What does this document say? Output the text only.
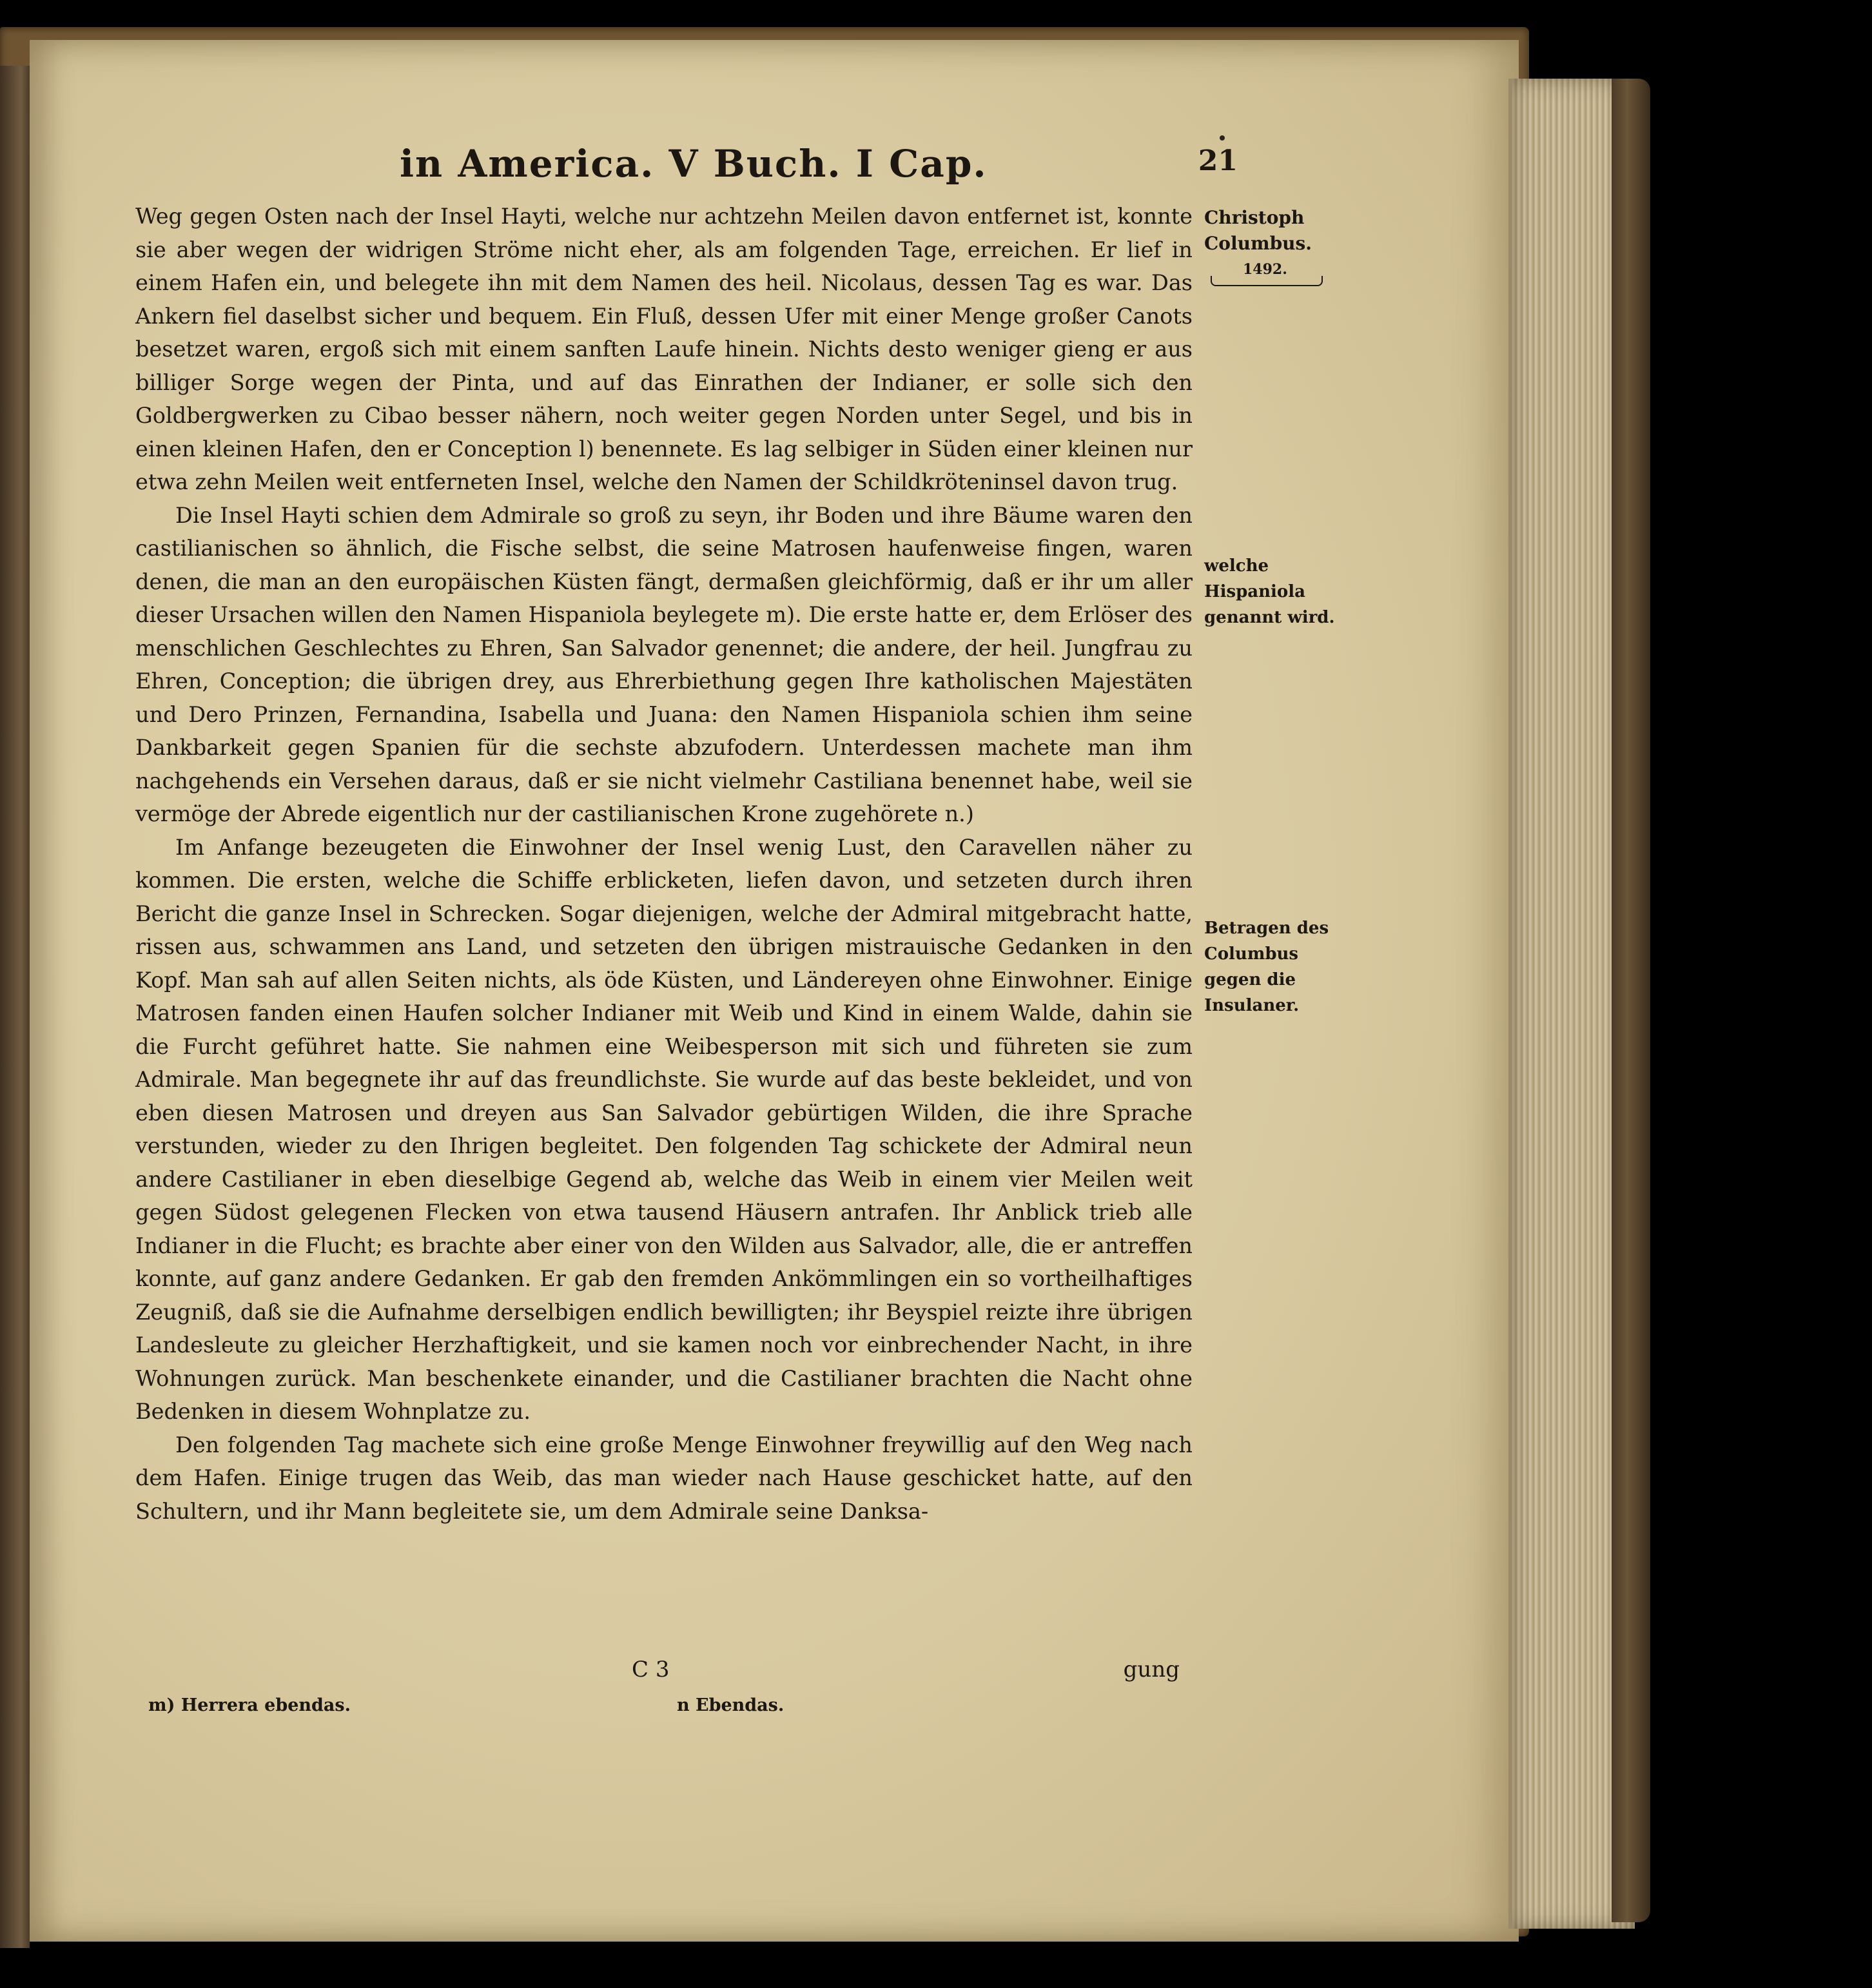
in America. V Buch. I Cap.	21

Weg gegen Osten nach der Insel Hayti, welche nur achtzehn Meilen davon entfernet ist, konnte sie aber wegen der widrigen Ströme nicht eher, als am folgenden Tage, erreichen. Er lief in einem Hafen ein, und belegete ihn mit dem Namen des heil. Nicolaus, dessen Tag es war. Das Ankern fiel daselbst sicher und bequem. Ein Fluß, dessen Ufer mit einer Menge großer Canots besetzet waren, ergoß sich mit einem sanften Laufe hinein. Nichts desto weniger gieng er aus billiger Sorge wegen der Pinta, und auf das Einrathen der Indianer, er solle sich den Goldbergwerken zu Cibao besser nähern, noch weiter gegen Norden unter Segel, und bis in einen kleinen Hafen, den er Conception l) benennete. Es lag selbiger in Süden einer kleinen nur etwa zehn Meilen weit entferneten Insel, welche den Namen der Schildkröteninsel davon trug.

Die Insel Hayti schien dem Admirale so groß zu seyn, ihr Boden und ihre Bäume waren den castilianischen so ähnlich, die Fische selbst, die seine Matrosen haufenweise fingen, waren denen, die man an den europäischen Küsten fängt, dermaßen gleichförmig, daß er ihr um aller dieser Ursachen willen den Namen Hispaniola beylegete m). Die erste hatte er, dem Erlöser des menschlichen Geschlechtes zu Ehren, San Salvador genennet; die andere, der heil. Jungfrau zu Ehren, Conception; die übrigen drey, aus Ehrerbiethung gegen Ihre katholischen Majestäten und Dero Prinzen, Fernandina, Isabella und Juana: den Namen Hispaniola schien ihm seine Dankbarkeit gegen Spanien für die sechste abzufodern. Unterdessen machete man ihm nachgehends ein Versehen daraus, daß er sie nicht vielmehr Castiliana benennet habe, weil sie vermöge der Abrede eigentlich nur der castilianischen Krone zugehörete n.)

Im Anfange bezeugeten die Einwohner der Insel wenig Lust, den Caravellen näher zu kommen. Die ersten, welche die Schiffe erblicketen, liefen davon, und setzeten durch ihren Bericht die ganze Insel in Schrecken. Sogar diejenigen, welche der Admiral mitgebracht hatte, rissen aus, schwammen ans Land, und setzeten den übrigen mistrauische Gedanken in den Kopf. Man sah auf allen Seiten nichts, als öde Küsten, und Ländereyen ohne Einwohner. Einige Matrosen fanden einen Haufen solcher Indianer mit Weib und Kind in einem Walde, dahin sie die Furcht geführet hatte. Sie nahmen eine Weibesperson mit sich und führeten sie zum Admirale. Man begegnete ihr auf das freundlichste. Sie wurde auf das beste bekleidet, und von eben diesen Matrosen und dreyen aus San Salvador gebürtigen Wilden, die ihre Sprache verstunden, wieder zu den Ihrigen begleitet. Den folgenden Tag schickete der Admiral neun andere Castilianer in eben dieselbige Gegend ab, welche das Weib in einem vier Meilen weit gegen Südost gelegenen Flecken von etwa tausend Häusern antrafen. Ihr Anblick trieb alle Indianer in die Flucht; es brachte aber einer von den Wilden aus Salvador, alle, die er antreffen konnte, auf ganz andere Gedanken. Er gab den fremden Ankömmlingen ein so vortheilhaftiges Zeugniß, daß sie die Aufnahme derselbigen endlich bewilligten; ihr Beyspiel reizte ihre übrigen Landesleute zu gleicher Herzhaftigkeit, und sie kamen noch vor einbrechender Nacht, in ihre Wohnungen zurück. Man beschenkete einander, und die Castilianer brachten die Nacht ohne Bedenken in diesem Wohnplatze zu.

Den folgenden Tag machete sich eine große Menge Einwohner freywillig auf den Weg nach dem Hafen. Einige trugen das Weib, das man wieder nach Hause geschicket hatte, auf den Schultern, und ihr Mann begleitete sie, um dem Admirale seine Danksa-

Christoph Columbus.
1492.
welche Hispaniola genannt wird.
Betragen des Columbus gegen die Insulaner.
C 3	gung
m) Herrera ebendas.	n Ebendas.
